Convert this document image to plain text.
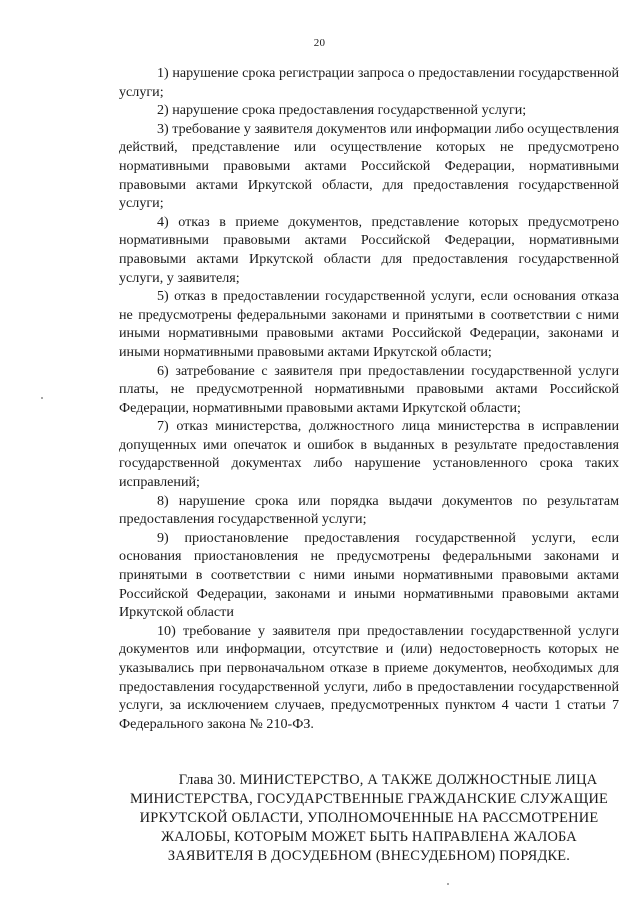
20

1) нарушение срока регистрации запроса о предоставлении государственной услуги;

2) нарушение срока предоставления государственной услуги;

3) требование у заявителя документов или информации либо осуществления действий, представление или осуществление которых не предусмотрено нормативными правовыми актами Российской Федерации, нормативными правовыми актами Иркутской области, для предоставления государственной услуги;

4) отказ в приеме документов, представление которых предусмотрено нормативными правовыми актами Российской Федерации, нормативными правовыми актами Иркутской области для предоставления государственной услуги, у заявителя;

5) отказ в предоставлении государственной услуги, если основания отказа не предусмотрены федеральными законами и принятыми в соответствии с ними иными нормативными правовыми актами Российской Федерации, законами и иными нормативными правовыми актами Иркутской области;

6) затребование с заявителя при предоставлении государственной услуги платы, не предусмотренной нормативными правовыми актами Российской Федерации, нормативными правовыми актами Иркутской области;

7) отказ министерства, должностного лица министерства в исправлении допущенных ими опечаток и ошибок в выданных в результате предоставления государственной документах либо нарушение установленного срока таких исправлений;

8) нарушение срока или порядка выдачи документов по результатам предоставления государственной услуги;

9) приостановление предоставления государственной услуги, если основания приостановления не предусмотрены федеральными законами и принятыми в соответствии с ними иными нормативными правовыми актами Российской Федерации, законами и иными нормативными правовыми актами Иркутской области

10) требование у заявителя при предоставлении государственной услуги документов или информации, отсутствие и (или) недостоверность которых не указывались при первоначальном отказе в приеме документов, необходимых для предоставления государственной услуги, либо в предоставлении государственной услуги, за исключением случаев, предусмотренных пунктом 4 части 1 статьи 7 Федерального закона № 210-ФЗ.

Глава 30. МИНИСТЕРСТВО, А ТАКЖЕ ДОЛЖНОСТНЫЕ ЛИЦА
МИНИСТЕРСТВА, ГОСУДАРСТВЕННЫЕ ГРАЖДАНСКИЕ СЛУЖАЩИЕ
ИРКУТСКОЙ ОБЛАСТИ, УПОЛНОМОЧЕННЫЕ НА РАССМОТРЕНИЕ
ЖАЛОБЫ, КОТОРЫМ МОЖЕТ БЫТЬ НАПРАВЛЕНА ЖАЛОБА
ЗАЯВИТЕЛЯ В ДОСУДЕБНОМ (ВНЕСУДЕБНОМ) ПОРЯДКЕ.
